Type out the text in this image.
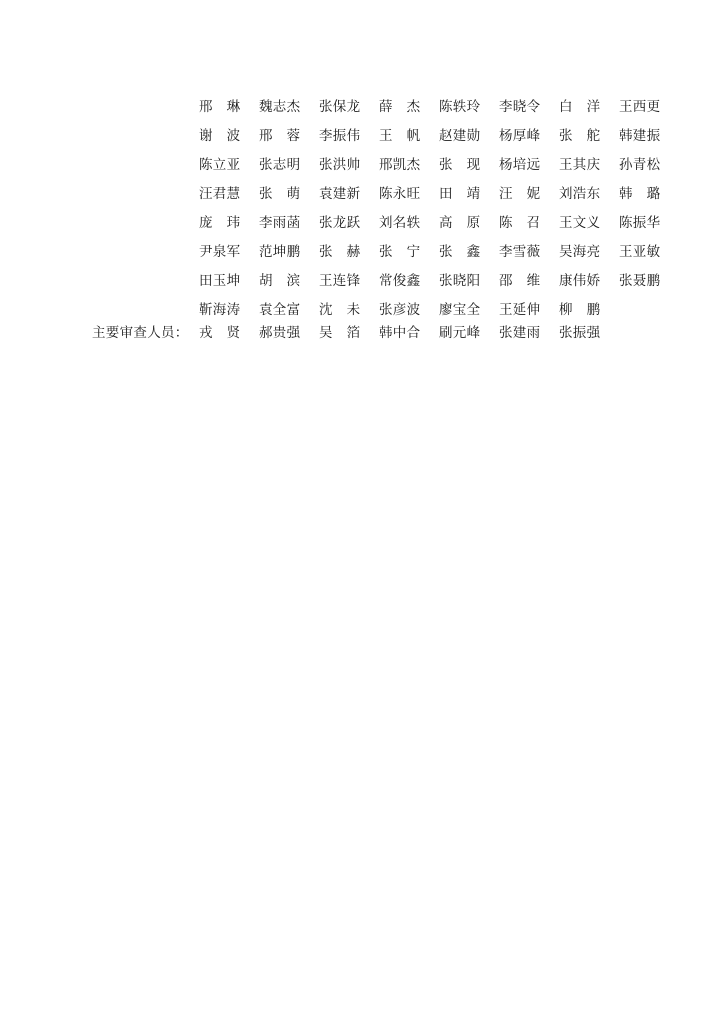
邢　琳	魏志杰	张保龙	薛　杰	陈轶玲	李晓令	白　洋	王西更
谢　波	邢　蓉	李振伟	王　帆	赵建勋	杨厚峰	张　舵	韩建振
陈立亚	张志明	张洪帅	邢凯杰	张　现	杨培远	王其庆	孙青松
汪君慧	张　萌	袁建新	陈永旺	田　靖	汪　妮	刘浩东	韩　璐
庞　玮	李雨菡	张龙跃	刘名轶	高　原	陈　召	王文义	陈振华
尹泉军	范坤鹏	张　赫	张　宁	张　鑫	李雪薇	吴海亮	王亚敏
田玉坤	胡　滨	王连锋	常俊鑫	张晓阳	邵　维	康伟娇	张聂鹏
靳海涛	袁全富	沈　未	张彦波	廖宝全	王延伸	柳　鹏
主要审查人员： 戎　贤	郝贵强	吴　箔	韩中合	刷元峰	张建雨	张振强
